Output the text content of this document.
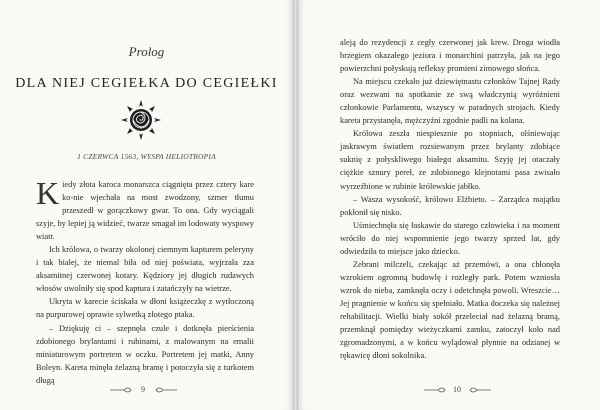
Prolog
DLA NIEJ CEGIEŁKA DO CEGIEŁKI
1 CZERWCA 1563, WYSPA HELIOTROPIA

Kiedy złota karoca monarszca ciągnięta przez cztery kare ko-nie wjechała na most zwodzony, szmer tłumu przeszedł w gorączkowy gwar. To ona. Gdy wyciągali szyje, by lepiej ją widzieć, twarze smagał im lodowaty wyspowy wiatr.

Ich królowa, o twarzy okolonej ciemnym kapturem peleryny i tak białej, że niemal biła od niej poświata, wyjrzała zza aksamitnej czerwonej kotary. Kędziory jej długich rudawych włosów uwolniły się spod kaptura i zatańczyły na wietrze.

Ukryta w karecie ściskała w dłoni książeczkę z wytłoczoną na purpurowej oprawie sylwetką złotego ptaka.

– Dziękuję ci – szepnęła czule i dotknęła pierścienia zdobionego brylantami i rubinami, z malowanym na emalii miniaturowym portretem w oczku. Portretem jej matki, Anny Boleyn. Kareta minęła żelazną bramę i potoczyła się z turkotem długą

9	10

aleją do rezydencji z cegły czerwonej jak krew. Droga wiodła brzegiem okazałego jeziora i monarchini patrzyła, jak na jego powierzchni połyskują refleksy promieni zimowego słońca.

Na miejscu czekało już dziewiętnastu członków Tajnej Rady oraz wezwani na spotkanie ze swą władczynią wyróżnieni członkowie Parlamentu, wszyscy w paradnych strojach. Kiedy kareta przystanęła, mężczyźni zgodnie padli na kolana.

Królowa zeszła niespiesznie po stopniach, olśniewając jaskrawym światłem rozsiewanym przez brylanty zdobiące suknię z połyskliwego białego aksamitu. Szyję jej otaczały ciężkie sznury pereł, ze zdobionego klejnotami pasa zwisało wyrzeźbione w rubinie królewskie jabłko.

– Wasza wysokość, królowo Elżbieto. – Zarządca majątku pokłonił się nisko.

Uśmiechnęła się łaskawie do starego człowieka i na moment wróciło do niej wspomnienie jego twarzy sprzed lat, gdy odwiedziła to miejsce jako dziecko.

Zebrani milczeli, czekając aż przemówi, a ona chłonęła wzrokiem ogromną budowlę i rozległy park. Potem wzniosła wzrok do nieba, zamknęła oczy i odetchnęła powoli. Wreszcie… Jej pragnienie w końcu się spełniało. Matka doczeka się należnej rehabilitacji. Wielki biały sokół przeleciał nad żelazną bramą, przemknął pomiędzy wieżyczkami zamku, zatoczył koło nad zgromadzonymi, a w końcu wylądował płynnie na odzianej w rękawicę dłoni sokolnika.
